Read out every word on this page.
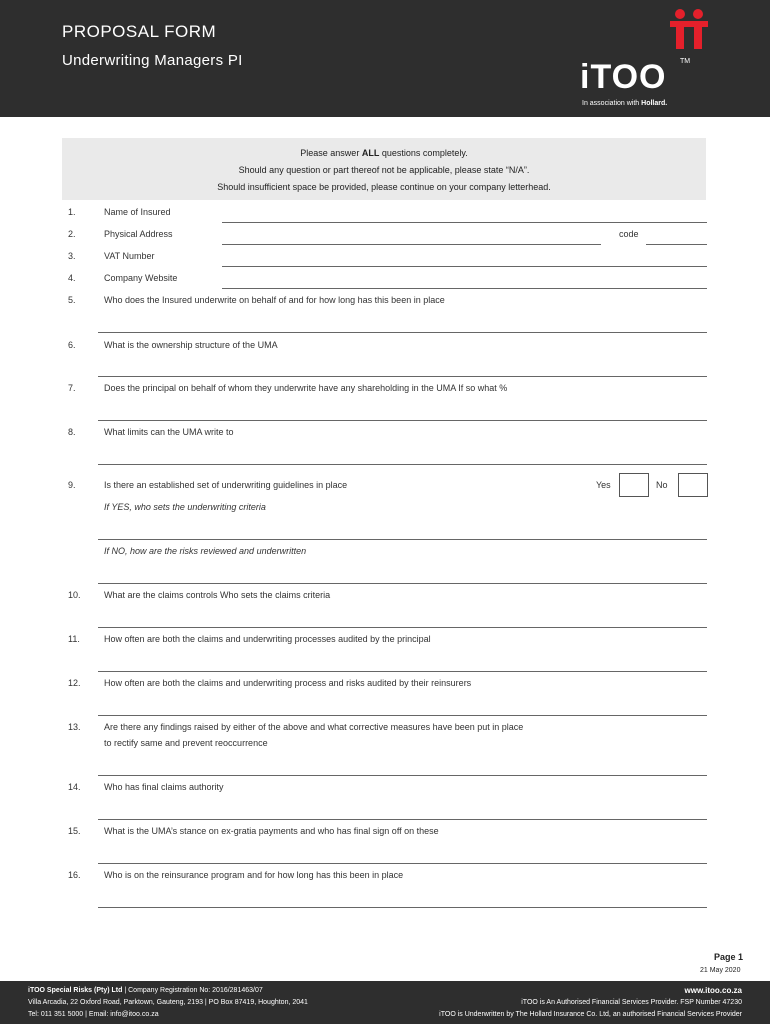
PROPOSAL FORM
Underwriting Managers PI	iTOO TM
In association with Hollard.
Please answer ALL questions completely.
Should any question or part thereof not be applicable, please state “N/A”.
Should insufficient space be provided, please continue on your company letterhead.
1.	Name of Insured
2.	Physical Address	code
3.	VAT Number
4.	Company Website
5.	Who does the Insured underwrite on behalf of and for how long has this been in place
6.	What is the ownership structure of the UMA
7.	Does the principal on behalf of whom they underwrite have any shareholding in the UMA If so what %
8.	What limits can the UMA write to
9.	Is there an established set of underwriting guidelines in place	Yes	No
If YES, who sets the underwriting criteria
If NO, how are the risks reviewed and underwritten
10.	What are the claims controls Who sets the claims criteria
11.	How often are both the claims and underwriting processes audited by the principal
12.	How often are both the claims and underwriting process and risks audited by their reinsurers
13.	Are there any findings raised by either of the above and what corrective measures have been put in place
to rectify same and prevent reoccurrence
14.	Who has final claims authority
15.	What is the UMA’s stance on ex-gratia payments and who has final sign off on these
16.	Who is on the reinsurance program and for how long has this been in place
Page 1
21 May 2020
iTOO Special Risks (Pty) Ltd | Company Registration No: 2016/281463/07
Villa Arcadia, 22 Oxford Road, Parktown, Gauteng, 2193 | PO Box 87419, Houghton, 2041
Tel: 011 351 5000 | Email: info@itoo.co.za
www.itoo.co.za
iTOO is An Authorised Financial Services Provider. FSP Number 47230
iTOO is Underwritten by The Hollard Insurance Co. Ltd, an authorised Financial Services Provider
